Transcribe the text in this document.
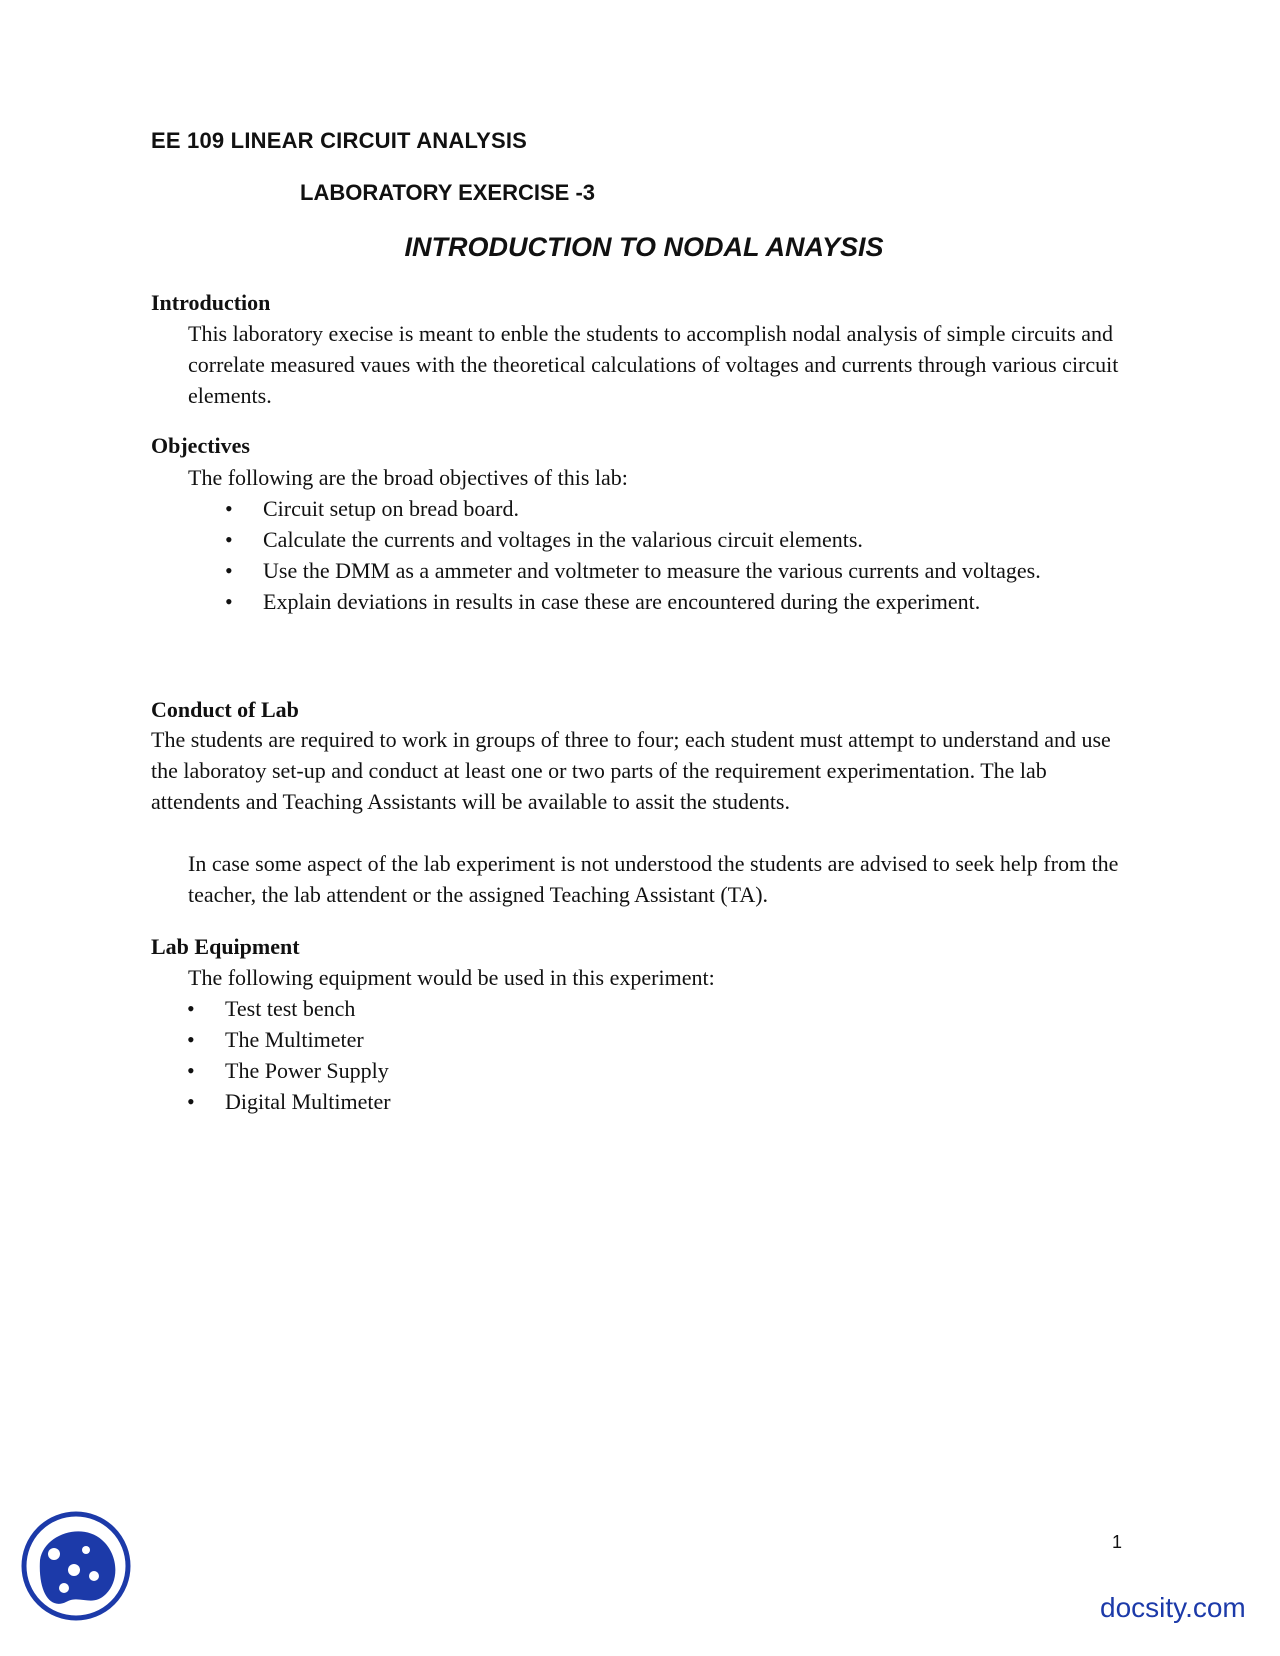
EE 109 LINEAR CIRCUIT ANALYSIS
LABORATORY EXERCISE -3
INTRODUCTION TO NODAL ANAYSIS
Introduction

This laboratory execise is meant to enble the students to accomplish nodal analysis of simple circuits and correlate measured vaues with the theoretical calculations of voltages and currents through various circuit elements.

Objectives

The following are the broad objectives of this lab:

• Circuit setup on bread board.
• Calculate the currents and voltages in the valarious circuit elements.
• Use the DMM as a ammeter and voltmeter to measure the various currents and voltages.
• Explain deviations in results in case these are encountered during the experiment.
Conduct of Lab

The students are required to work in groups of three to four; each student must attempt to understand and use the laboratoy set-up and conduct at least one or two parts of the requirement experimentation. The lab attendents and Teaching Assistants will be available to assit the students.

In case some aspect of the lab experiment is not understood the students are advised to seek help from the teacher, the lab attendent or the assigned Teaching Assistant (TA).

Lab Equipment

The following equipment would be used in this experiment:

• Test test bench
• The Multimeter
• The Power Supply
• Digital Multimeter
1
docsity.com
